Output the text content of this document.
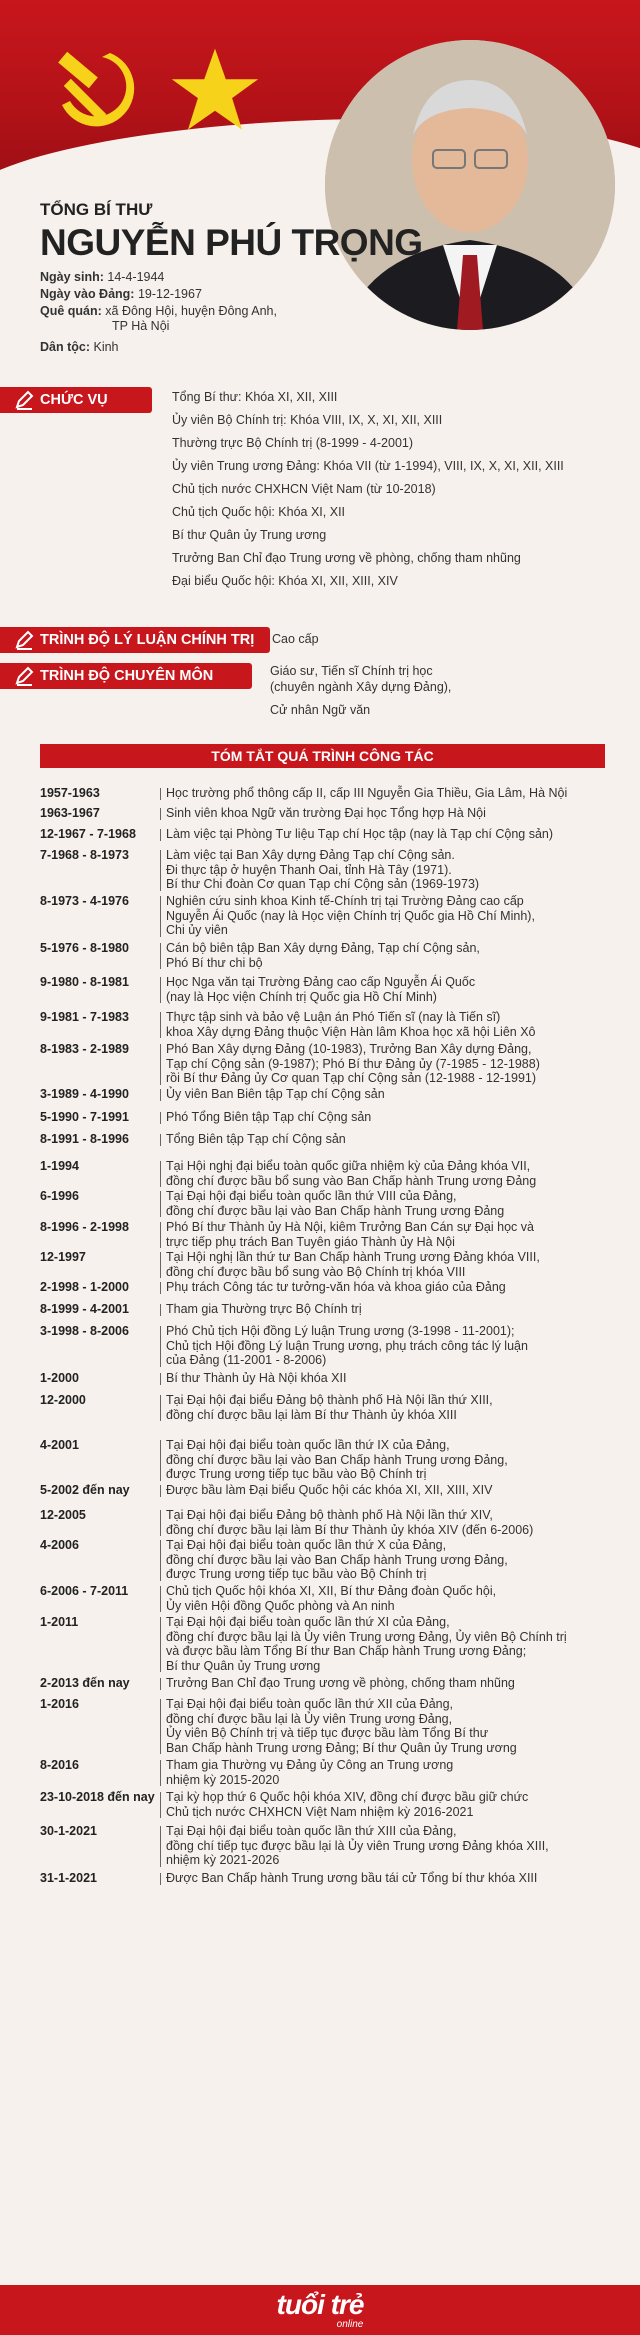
TỔNG BÍ THƯ

NGUYỄN PHÚ TRỌNG
Ngày sinh: 14-4-1944
Ngày vào Đảng: 19-12-1967
Quê quán: xã Đông Hội, huyện Đông Anh,
TP Hà Nội
Dân tộc: Kinh
CHỨC VỤ	Tổng Bí thư: Khóa XI, XII, XIII
Ủy viên Bộ Chính trị: Khóa VIII, IX, X, XI, XII, XIII
Thường trực Bộ Chính trị (8-1999 - 4-2001)
Ủy viên Trung ương Đảng: Khóa VII (từ 1-1994), VIII, IX, X, XI, XII, XIII
Chủ tịch nước CHXHCN Việt Nam (từ 10-2018)
Chủ tịch Quốc hội: Khóa XI, XII
Bí thư Quân ủy Trung ương
Trưởng Ban Chỉ đạo Trung ương về phòng, chống tham nhũng
Đại biểu Quốc hội: Khóa XI, XII, XIII, XIV
TRÌNH ĐỘ LÝ LUẬN CHÍNH TRỊ	Cao cấp
TRÌNH ĐỘ CHUYÊN MÔN	Giáo sư, Tiến sĩ Chính trị học
(chuyên ngành Xây dựng Đảng),
Cử nhân Ngữ văn
TÓM TẮT QUÁ TRÌNH CÔNG TÁC
1957-1963	Học trường phổ thông cấp II, cấp III Nguyễn Gia Thiều, Gia Lâm, Hà Nội
1963-1967	Sinh viên khoa Ngữ văn trường Đại học Tổng hợp Hà Nội
12-1967 - 7-1968	Làm việc tại Phòng Tư liệu Tạp chí Học tập (nay là Tạp chí Cộng sản)
7-1968 - 8-1973	Làm việc tại Ban Xây dựng Đảng Tạp chí Cộng sản.
Đi thực tập ở huyện Thanh Oai, tỉnh Hà Tây (1971).
Bí thư Chi đoàn Cơ quan Tạp chí Cộng sản (1969-1973)
8-1973 - 4-1976	Nghiên cứu sinh khoa Kinh tế-Chính trị tại Trường Đảng cao cấp
Nguyễn Ái Quốc (nay là Học viện Chính trị Quốc gia Hồ Chí Minh),
Chi ủy viên
5-1976 - 8-1980	Cán bộ biên tập Ban Xây dựng Đảng, Tạp chí Cộng sản,
Phó Bí thư chi bộ
9-1980 - 8-1981	Học Nga văn tại Trường Đảng cao cấp Nguyễn Ái Quốc
(nay là Học viện Chính trị Quốc gia Hồ Chí Minh)
9-1981 - 7-1983	Thực tập sinh và bảo vệ Luận án Phó Tiến sĩ (nay là Tiến sĩ)
khoa Xây dựng Đảng thuộc Viện Hàn lâm Khoa học xã hội Liên Xô
8-1983 - 2-1989	Phó Ban Xây dựng Đảng (10-1983), Trưởng Ban Xây dựng Đảng,
Tạp chí Cộng sản (9-1987); Phó Bí thư Đảng ủy (7-1985 - 12-1988)
rồi Bí thư Đảng ủy Cơ quan Tạp chí Cộng sản (12-1988 - 12-1991)
3-1989 - 4-1990	Ủy viên Ban Biên tập Tạp chí Cộng sản
5-1990 - 7-1991	Phó Tổng Biên tập Tạp chí Cộng sản
8-1991 - 8-1996	Tổng Biên tập Tạp chí Cộng sản
1-1994	Tại Hội nghị đại biểu toàn quốc giữa nhiệm kỳ của Đảng khóa VII,
đồng chí được bầu bổ sung vào Ban Chấp hành Trung ương Đảng
6-1996	Tại Đại hội đại biểu toàn quốc lần thứ VIII của Đảng,
đồng chí được bầu lại vào Ban Chấp hành Trung ương Đảng
8-1996 - 2-1998	Phó Bí thư Thành ủy Hà Nội, kiêm Trưởng Ban Cán sự Đại học và
trực tiếp phụ trách Ban Tuyên giáo Thành ủy Hà Nội
12-1997	Tại Hội nghị lần thứ tư Ban Chấp hành Trung ương Đảng khóa VIII,
đồng chí được bầu bổ sung vào Bộ Chính trị khóa VIII
2-1998 - 1-2000	Phụ trách Công tác tư tưởng-văn hóa và khoa giáo của Đảng
8-1999 - 4-2001	Tham gia Thường trực Bộ Chính trị
3-1998 - 8-2006	Phó Chủ tịch Hội đồng Lý luận Trung ương (3-1998 - 11-2001);
Chủ tịch Hội đồng Lý luận Trung ương, phụ trách công tác lý luận
của Đảng (11-2001 - 8-2006)
1-2000	Bí thư Thành ủy Hà Nội khóa XII
12-2000	Tại Đại hội đại biểu Đảng bộ thành phố Hà Nội lần thứ XIII,
đồng chí được bầu lại làm Bí thư Thành ủy khóa XIII
4-2001	Tại Đại hội đại biểu toàn quốc lần thứ IX của Đảng,
đồng chí được bầu lại vào Ban Chấp hành Trung ương Đảng,
được Trung ương tiếp tục bầu vào Bộ Chính trị
5-2002 đến nay	Được bầu làm Đại biểu Quốc hội các khóa XI, XII, XIII, XIV
12-2005	Tại Đại hội đại biểu Đảng bộ thành phố Hà Nội lần thứ XIV,
đồng chí được bầu lại làm Bí thư Thành ủy khóa XIV (đến 6-2006)
4-2006	Tại Đại hội đại biểu toàn quốc lần thứ X của Đảng,
đồng chí được bầu lại vào Ban Chấp hành Trung ương Đảng,
được Trung ương tiếp tục bầu vào Bộ Chính trị
6-2006 - 7-2011	Chủ tịch Quốc hội khóa XI, XII, Bí thư Đảng đoàn Quốc hội,
Ủy viên Hội đồng Quốc phòng và An ninh
1-2011	Tại Đại hội đại biểu toàn quốc lần thứ XI của Đảng,
đồng chí được bầu lại là Ủy viên Trung ương Đảng, Ủy viên Bộ Chính trị
và được bầu làm Tổng Bí thư Ban Chấp hành Trung ương Đảng;
Bí thư Quân ủy Trung ương
2-2013 đến nay	Trưởng Ban Chỉ đạo Trung ương về phòng, chống tham nhũng
1-2016	Tại Đại hội đại biểu toàn quốc lần thứ XII của Đảng,
đồng chí được bầu lại là Ủy viên Trung ương Đảng,
Ủy viên Bộ Chính trị và tiếp tục được bầu làm Tổng Bí thư
Ban Chấp hành Trung ương Đảng; Bí thư Quân ủy Trung ương
8-2016	Tham gia Thường vụ Đảng ủy Công an Trung ương
nhiệm kỳ 2015-2020
23-10-2018 đến nay Tại kỳ họp thứ 6 Quốc hội khóa XIV, đồng chí được bầu giữ chức
Chủ tịch nước CHXHCN Việt Nam nhiệm kỳ 2016-2021
30-1-2021	Tại Đại hội đại biểu toàn quốc lần thứ XIII của Đảng,
đồng chí tiếp tục được bầu lại là Ủy viên Trung ương Đảng khóa XIII,
nhiệm kỳ 2021-2026
31-1-2021	Được Ban Chấp hành Trung ương bầu tái cử Tổng bí thư khóa XIII
tuổi trẻ
online
